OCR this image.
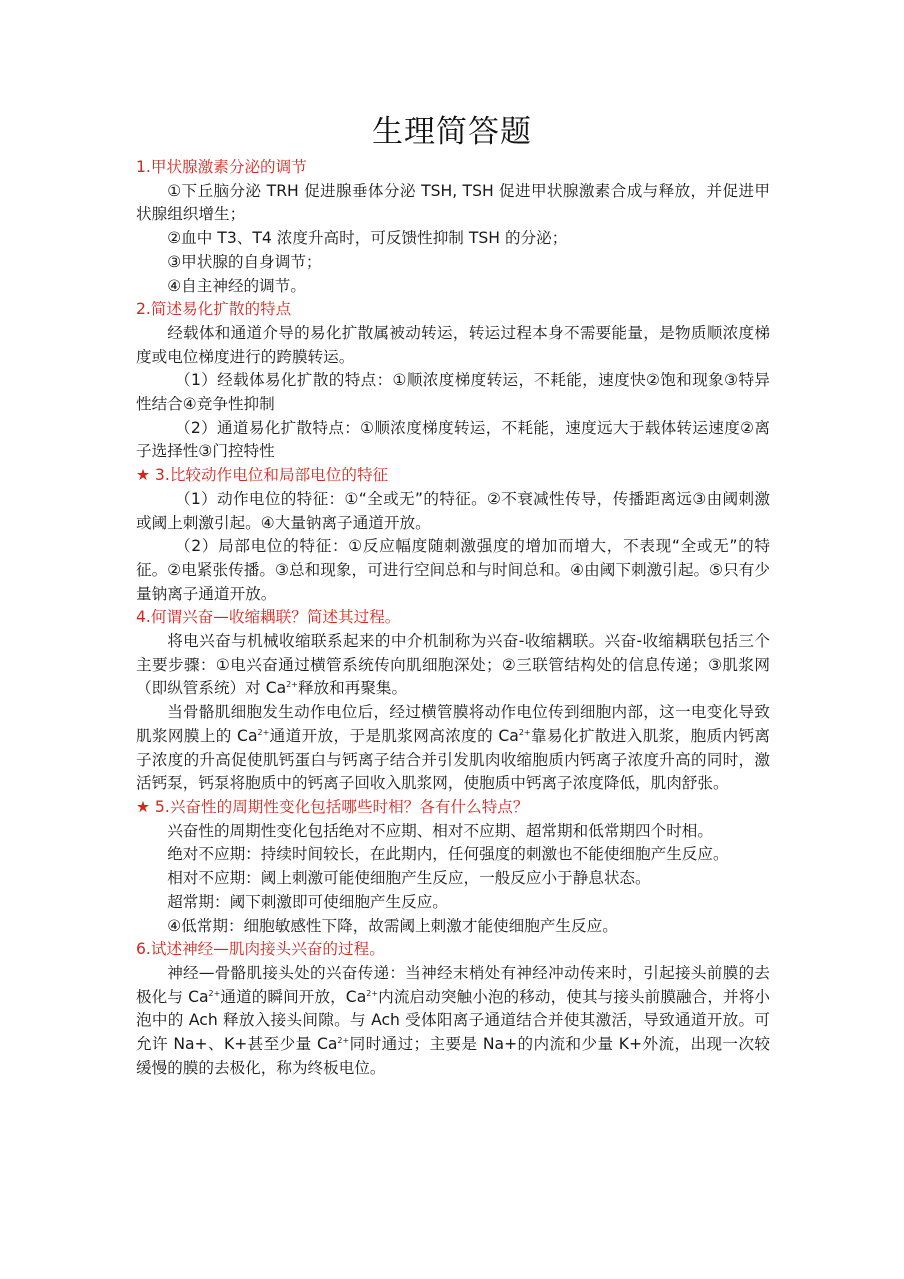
生理简答题

1.甲状腺激素分泌的调节

①下丘脑分泌 TRH 促进腺垂体分泌 TSH, TSH 促进甲状腺激素合成与释放，并促进甲状腺组织增生；

②血中 T3、T4 浓度升高时，可反馈性抑制 TSH 的分泌；

③甲状腺的自身调节；

④自主神经的调节。

2.简述易化扩散的特点

经载体和通道介导的易化扩散属被动转运，转运过程本身不需要能量，是物质顺浓度梯度或电位梯度进行的跨膜转运。

（1）经载体易化扩散的特点：①顺浓度梯度转运，不耗能，速度快②饱和现象③特异性结合④竞争性抑制

（2）通道易化扩散特点：①顺浓度梯度转运，不耗能，速度远大于载体转运速度②离子选择性③门控特性

★ 3.比较动作电位和局部电位的特征

（1）动作电位的特征：①“全或无”的特征。②不衰减性传导，传播距离远③由阈刺激或阈上刺激引起。④大量钠离子通道开放。

（2）局部电位的特征：①反应幅度随刺激强度的增加而增大，不表现“全或无”的特征。②电紧张传播。③总和现象，可进行空间总和与时间总和。④由阈下刺激引起。⑤只有少量钠离子通道开放。

4.何谓兴奋—收缩耦联？简述其过程。

将电兴奋与机械收缩联系起来的中介机制称为兴奋-收缩耦联。兴奋-收缩耦联包括三个主要步骤：①电兴奋通过横管系统传向肌细胞深处；②三联管结构处的信息传递；③肌浆网（即纵管系统）对 $Ca^{2+}$释放和再聚集。

当骨骼肌细胞发生动作电位后，经过横管膜将动作电位传到细胞内部，这一电变化导致肌浆网膜上的 $Ca^{2+}$通道开放，于是肌浆网高浓度的 $Ca^{2+}$靠易化扩散进入肌浆，胞质内钙离子浓度的升高促使肌钙蛋白与钙离子结合并引发肌肉收缩胞质内钙离子浓度升高的同时，激活钙泵，钙泵将胞质中的钙离子回收入肌浆网，使胞质中钙离子浓度降低，肌肉舒张。

★ 5.兴奋性的周期性变化包括哪些时相？各有什么特点？

兴奋性的周期性变化包括绝对不应期、相对不应期、超常期和低常期四个时相。

绝对不应期：持续时间较长，在此期内，任何强度的刺激也不能使细胞产生反应。

相对不应期：阈上刺激可能使细胞产生反应，一般反应小于静息状态。

超常期：阈下刺激即可使细胞产生反应。

④低常期：细胞敏感性下降，故需阈上刺激才能使细胞产生反应。

6.试述神经—肌肉接头兴奋的过程。

神经—骨骼肌接头处的兴奋传递：当神经末梢处有神经冲动传来时，引起接头前膜的去极化与 $Ca^{2+}$通道的瞬间开放，$Ca^{2+}$内流启动突触小泡的移动，使其与接头前膜融合，并将小泡中的 Ach 释放入接头间隙。与 Ach 受体阳离子通道结合并使其激活，导致通道开放。可允许 Na+、K+甚至少量 $Ca^{2+}$同时通过；主要是 Na+的内流和少量 K+外流，出现一次较缓慢的膜的去极化，称为终板电位。
